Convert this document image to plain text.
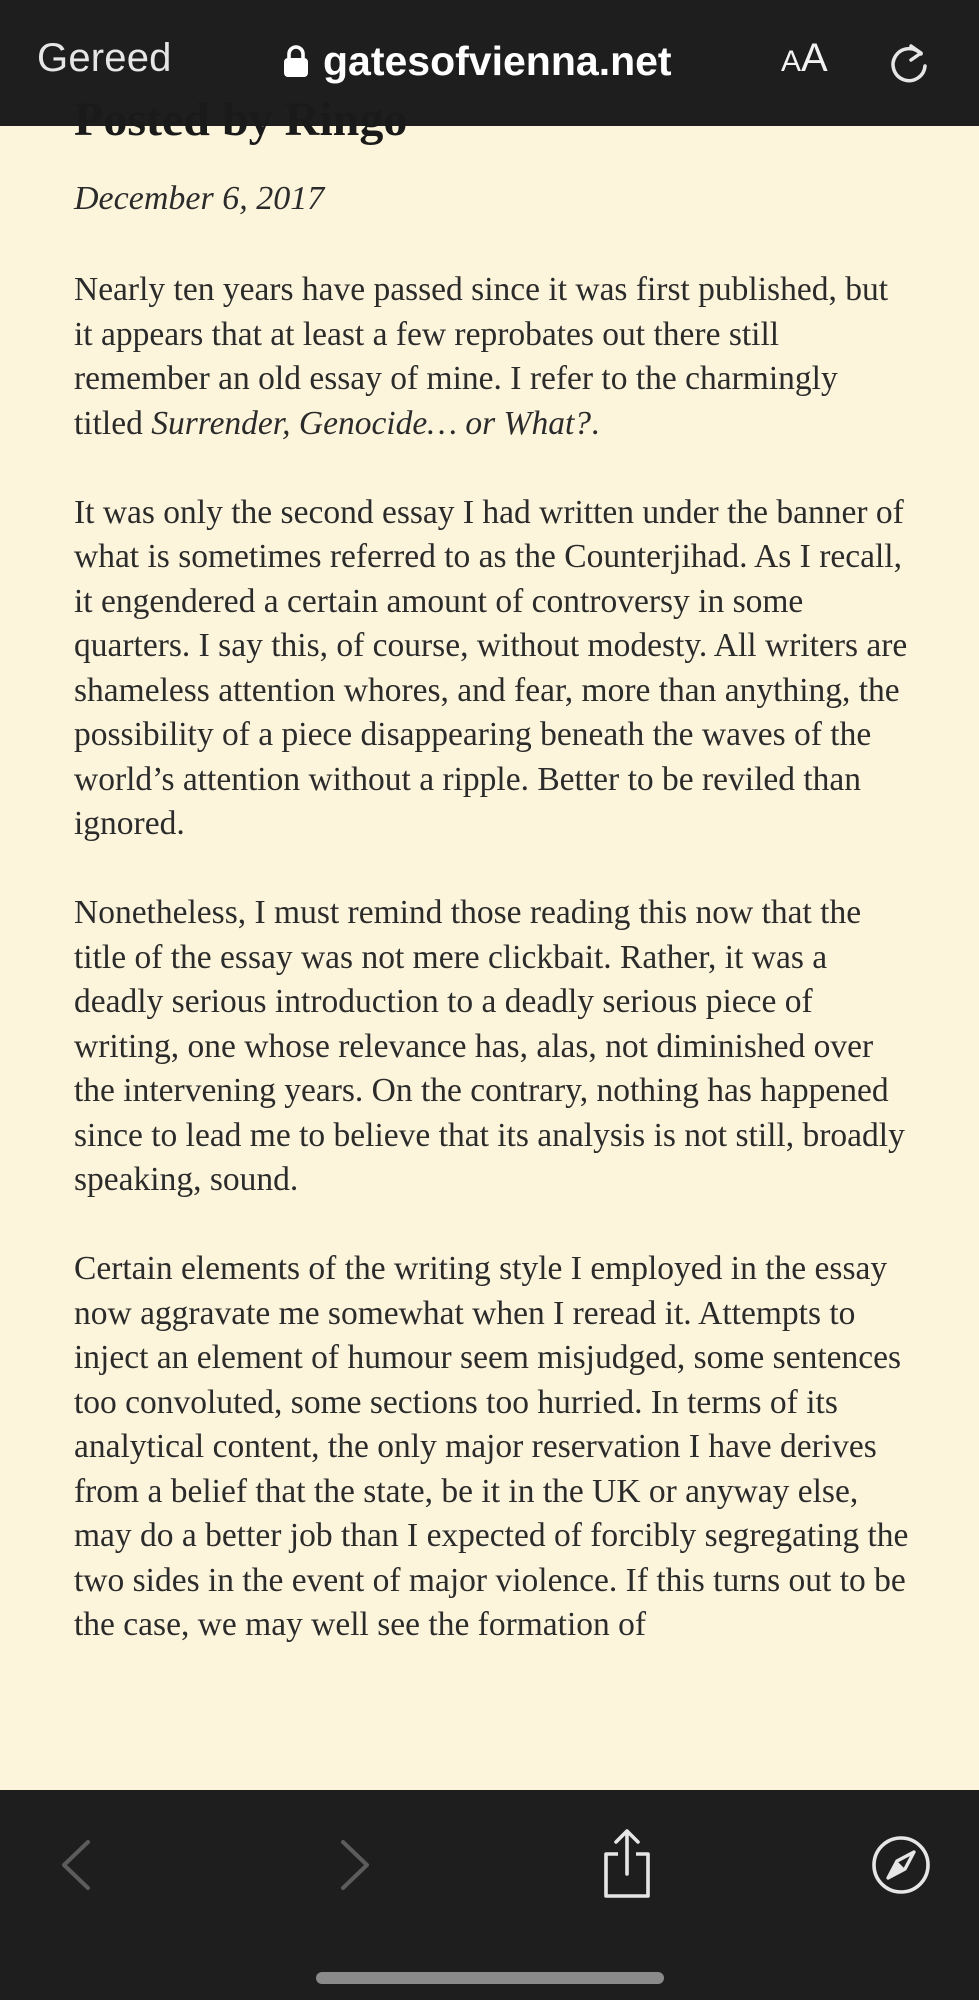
Gereed	gatesofvienna.net	AA
Posted by Ringo
December 6, 2017

Nearly ten years have passed since it was first published, but it appears that at least a few reprobates out there still remember an old essay of mine. I refer to the charmingly titled Surrender, Genocide… or What?.

It was only the second essay I had written under the banner of what is sometimes referred to as the Counterjihad. As I recall, it engendered a certain amount of controversy in some quarters. I say this, of course, without modesty. All writers are shameless attention whores, and fear, more than anything, the possibility of a piece disappearing beneath the waves of the world’s attention without a ripple. Better to be reviled than ignored.

Nonetheless, I must remind those reading this now that the title of the essay was not mere clickbait. Rather, it was a deadly serious introduction to a deadly serious piece of writing, one whose relevance has, alas, not diminished over the intervening years. On the contrary, nothing has happened since to lead me to believe that its analysis is not still, broadly speaking, sound.

Certain elements of the writing style I employed in the essay now aggravate me somewhat when I reread it. Attempts to inject an element of humour seem misjudged, some sentences too convoluted, some sections too hurried. In terms of its analytical content, the only major reservation I have derives from a belief that the state, be it in the UK or anyway else, may do a better job than I expected of forcibly segregating the two sides in the event of major violence. If this turns out to be the case, we may well see the formation of
